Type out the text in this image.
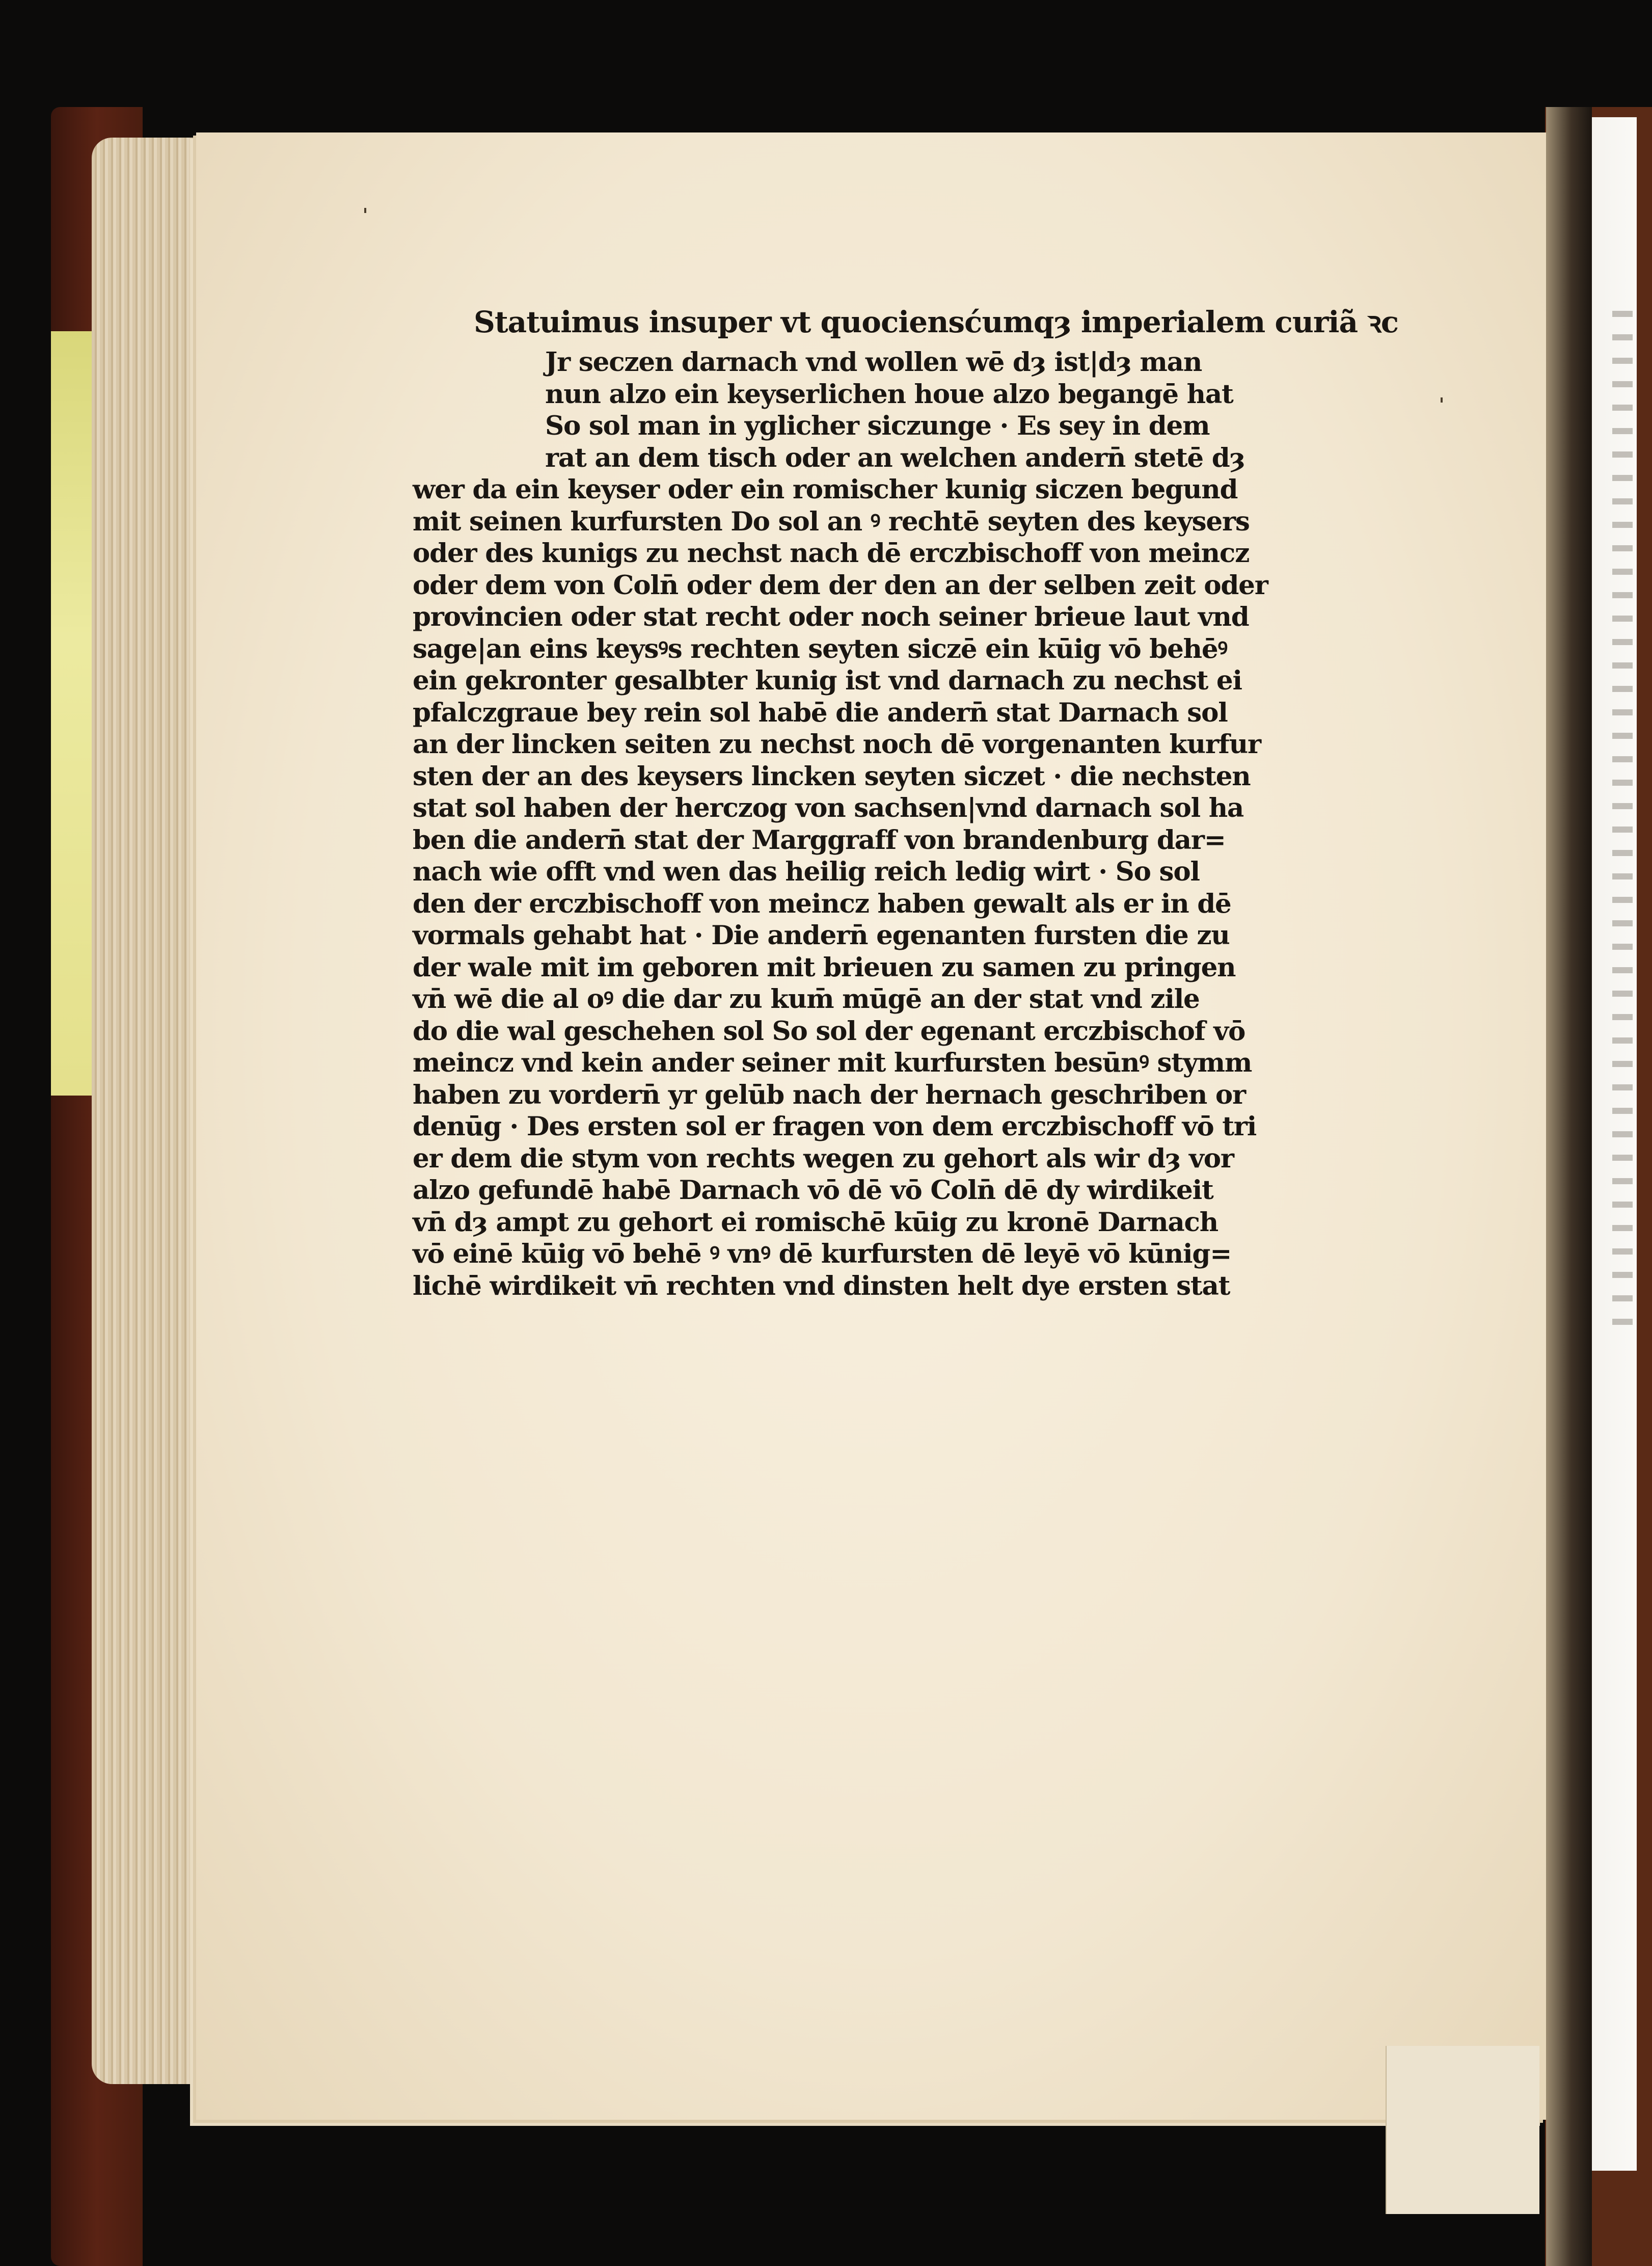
Statuimus insuper vt quociensćumqȝ imperialem curiã ꝛc
Jr seczen darnach vnd wollen wē dȝ ist|dȝ man
nun alzo ein keyserlichen houe alzo begangē hat
So sol man in yglicher siczunge · Es sey in dem
rat an dem tisch oder an welchen andern̄ stetē dȝ
wer da ein keyser oder ein romischer kunig siczen begund
mit seinen kurfursten Do sol an ꝰ rechtē seyten des keysers
oder des kunigs zu nechst nach dē erczbischoff von meincz
oder dem von Coln̄ oder dem der den an der selben zeit oder
provincien oder stat recht oder noch seiner brieue laut vnd
sage|an eins keysꝰs rechten seyten siczē ein kūig vō behēꝰ
ein gekronter gesalbter kunig ist vnd darnach zu nechst ei
pfalczgraue bey rein sol habē die andern̄ stat Darnach sol
an der lincken seiten zu nechst noch dē vorgenanten kurfur
sten der an des keysers lincken seyten siczet · die nechsten
stat sol haben der herczog von sachsen|vnd darnach sol ha
ben die andern̄ stat der Marggraff von brandenburg dar=
nach wie offt vnd wen das heilig reich ledig wirt · So sol
den der erczbischoff von meincz haben gewalt als er in dē
vormals gehabt hat · Die andern̄ egenanten fursten die zu
der wale mit im geboren mit brieuen zu samen zu pringen
vn̄ wē die al oꝰ die dar zu kum̄ mūgē an der stat vnd zile
do die wal geschehen sol So sol der egenant erczbischof vō
meincz vnd kein ander seiner mit kurfursten besūnꝰ stymm
haben zu vordern̄ yr gelūb nach der hernach geschriben or
denūg · Des ersten sol er fragen von dem erczbischoff vō tri
er dem die stym von rechts wegen zu gehort als wir dȝ vor
alzo gefundē habē Darnach vō dē vō Coln̄ dē dy wirdikeit
vn̄ dȝ ampt zu gehort ei romischē kūig zu kronē Darnach
vō einē kūig vō behē ꝰ vnꝰ dē kurfursten dē leyē vō kūnig=
lichē wirdikeit vn̄ rechten vnd dinsten helt dye ersten stat
